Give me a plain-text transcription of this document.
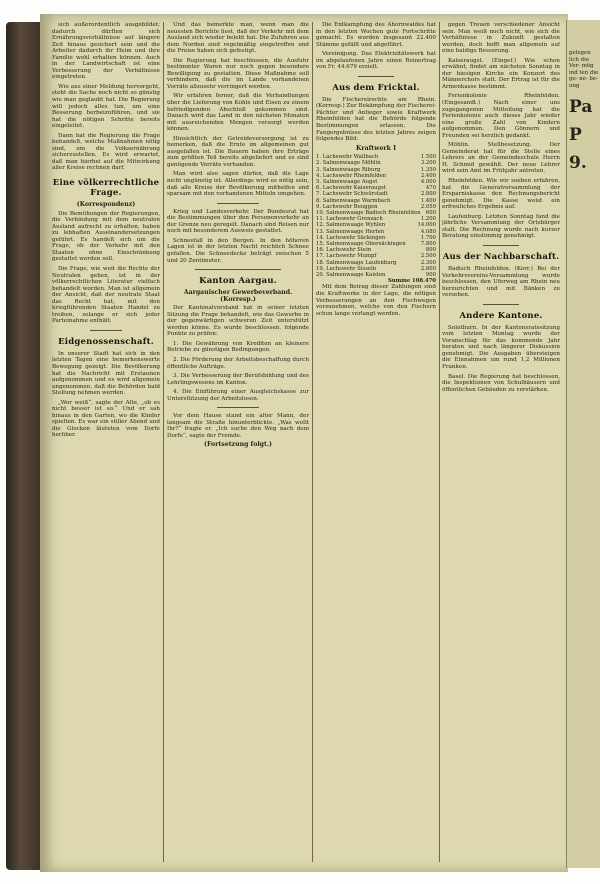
gelegen lich die Ver- mög ind ten die ge- ne- be- ung
Pa
P
9.

sich außerordentlich ausgebildet; dadurch dürften sich Ernährungsverhältnisse auf längere Zeit hinaus gesichert sein und die Arbeiter dadurch ihr Heim und ihre Familie wohl erhalten können. Auch in der Landwirtschaft ist eine Verbesserung der Verhältnisse eingetreten.

Wie aus einer Meldung hervorgeht, steht die Sache noch nicht so günstig wie man geglaubt hat. Die Regierung will jedoch alles tun, um eine Besserung herbeizuführen, und sie hat die nötigen Schritte bereits eingeleitet.

Dann hat die Regierung die Frage behandelt, welche Maßnahmen nötig sind, um die Volksernährung sicherzustellen. Es wird erwartet, daß man hierbei auf die Mitwirkung aller Kreise rechnen darf.

Eine völkerrechtliche Frage.
(Korrespondenz)

Die Bemühungen der Regierungen, die Verbindung mit dem neutralen Ausland aufrecht zu erhalten, haben zu lebhaften Auseinandersetzungen geführt. Es handelt sich um die Frage, ob der Verkehr mit den Staaten ohne Einschränkung gestattet werden soll.

Die Frage, wie weit die Rechte der Neutralen gehen, ist in der völkerrechtlichen Literatur vielfach behandelt worden. Man ist allgemein der Ansicht, daß der neutrale Staat das Recht hat, mit den kriegführenden Staaten Handel zu treiben, solange er sich jeder Parteinahme enthält.

Eidgenossenschaft.

In unserer Stadt hat sich in den letzten Tagen eine bemerkenswerte Bewegung gezeigt. Die Bevölkerung hat die Nachricht mit Erstaunen aufgenommen und es wird allgemein angenommen, daß die Behörden bald Stellung nehmen werden.

„Wer weiß“, sagte der Alte, „ob es nicht besser ist so.“ Und er sah hinaus in den Garten, wo die Kinder spielten. Es war ein stiller Abend und die Glocken läuteten vom Dorfe herüber.

Und das bemerkte man, wenn man die neuesten Berichte liest, daß der Verkehr mit dem Ausland sich wieder belebt hat. Die Zufuhren aus dem Norden sind regelmäßig eingetroffen und die Preise haben sich gefestigt.

Die Regierung hat beschlossen, die Ausfuhr bestimmter Waren nur noch gegen besondere Bewilligung zu gestatten. Diese Maßnahme soll verhindern, daß die im Lande vorhandenen Vorräte allzusehr verringert werden.

Wir erfahren ferner, daß die Verhandlungen über die Lieferung von Kohle und Eisen zu einem befriedigenden Abschluß gekommen sind. Danach wird das Land in den nächsten Monaten mit ausreichenden Mengen versorgt werden können.

Hinsichtlich der Getreideversorgung ist zu bemerken, daß die Ernte im allgemeinen gut ausgefallen ist. Die Bauern haben ihre Erträge zum größten Teil bereits abgeliefert und es sind genügende Vorräte vorhanden.

Man wird also sagen dürfen, daß die Lage nicht ungünstig ist. Allerdings wird es nötig sein, daß alle Kreise der Bevölkerung mithelfen und sparsam mit den vorhandenen Mitteln umgehen.

Krieg und Landesverkehr. Der Bundesrat hat die Bestimmungen über den Personenverkehr an der Grenze neu geregelt. Danach sind Reisen nur noch mit besonderem Ausweis gestattet.

Schneefall in den Bergen. In den höheren Lagen ist in der letzten Nacht reichlich Schnee gefallen. Die Schneedecke beträgt zwischen 5 und 20 Zentimeter.

Kanton Aargau.
Aargauischer Gewerbeverband. (Korresp.)

Der Kantonalvorstand hat in seiner letzten Sitzung die Frage behandelt, wie das Gewerbe in der gegenwärtigen schweren Zeit unterstützt werden könne. Es wurde beschlossen, folgende Punkte zu prüfen:

1. Die Gewährung von Krediten an kleinere Betriebe zu günstigen Bedingungen.

2. Die Förderung der Arbeitsbeschaffung durch öffentliche Aufträge.

3. Die Verbesserung der Berufsbildung und des Lehrlingswesens im Kanton.

4. Die Einführung einer Ausgleichskasse zur Unterstützung der Arbeitslosen.

Vor dem Hause stand ein alter Mann, der langsam die Straße hinunterblickte. „Was wollt Ihr?“ fragte er. „Ich suche den Weg nach dem Dorfe“, sagte der Fremde.

(Fortsetzung folgt.)

Die Entkampfung des Ahornwaldes hat in den letzten Wochen gute Fortschritte gemacht. Es wurden insgesamt 22.400 Stämme gefällt und abgeführt.

Vereinigung. Das Elektrizitätswerk hat im abgelaufenen Jahre einen Reinertrag von Fr. 44.679 erzielt.

Aus dem Fricktal.

Die Fischereirechte am Rhein. (Korresp.) Zur Bekämpfung der Fischerei-Pächter und Anlieger sowie Kraftwerk Rheinfelden hat die Behörde folgende Bestimmungen erlassen. Die Fangergebnisse des letzten Jahres zeigen folgendes Bild:

Kraftwerk I
1. Lachswehr Wallbach	1.500
2. Salmenwaage Möhlin	3.200
3. Salmenwaage Riburg	1.350
4. Lachswehr Rheinfelden	2.400
5. Salmenwaage Augst	4.000
6. Lachswehr Kaiseraugst	470
7. Lachswehr Schwörstadt	2.800
8. Salmenwaage Warmbach	1.400
9. Lachswehr Beuggen	2.050
10. Salmenwaage Badisch Rheinfelden	600
11. Lachswehr Grenzach	1.200
12. Salmenwaage Wyhlen	14.000
13. Salmenwaage Herten	4.080
14. Lachswehr Säckingen	1.700
15. Salmenwaage Obersäckingen	7.800
16. Lachswehr Stein	800
17. Lachswehr Mumpf	2.500
18. Salmenwaage Laufenburg	2.300
19. Lachswehr Sisseln	2.800
20. Salmenwaage Kaisten	900
Summe 108.470

Mit dem Betrag dieser Zahlungen sind die Kraftwerke in der Lage, die nötigen Verbesserungen an den Fischwegen vorzunehmen, welche von den Fischern schon lange verlangt werden.

gegen Treuen verschiedener Ansicht sein. Man weiß noch nicht, wie sich die Verhältnisse in Zukunft gestalten werden, doch hofft man allgemein auf eine baldige Besserung.

Kaiseraugst. (Eingef.) Wie schon erwähnt, findet am nächsten Sonntag in der hiesigen Kirche ein Konzert des Männerchors statt. Der Ertrag ist für die Armenkasse bestimmt.

Ferienkolonie Rheinfelden. (Eingesandt.) Nach einer uns zugegangenen Mitteilung hat die Ferienkolonie auch dieses Jahr wieder eine große Zahl von Kindern aufgenommen. Den Gönnern und Freunden sei herzlich gedankt.

Möhlin. Stellbesetzung. Der Gemeinderat hat für die Stelle eines Lehrers an der Gemeindeschule Herrn H. Schmid gewählt. Der neue Lehrer wird sein Amt im Frühjahr antreten.

Rheinfelden. Wie wir soeben erfahren, hat die Generalversammlung der Ersparniskasse den Rechnungsbericht genehmigt. Die Kasse weist ein erfreuliches Ergebnis auf.

Laufenburg. Letzten Sonntag fand die jährliche Versammlung der Ortsbürger statt. Die Rechnung wurde nach kurzer Beratung einstimmig genehmigt.

Aus der Nachbarschaft.

Badisch Rheinfelden. (Korr.) Bei der Verkehrsvereins-Versammlung wurde beschlossen, den Uferweg am Rhein neu herzurichten und mit Bänken zu versehen.

Andere Kantone.

Solothurn. In der Kantonsratssitzung vom letzten Montag wurde der Voranschlag für das kommende Jahr beraten und nach längerer Diskussion genehmigt. Die Ausgaben übersteigen die Einnahmen um rund 1,2 Millionen Franken.

Basel. Die Regierung hat beschlossen, die Inspektionen von Schulhäusern und öffentlichen Gebäuden zu verstärken.
